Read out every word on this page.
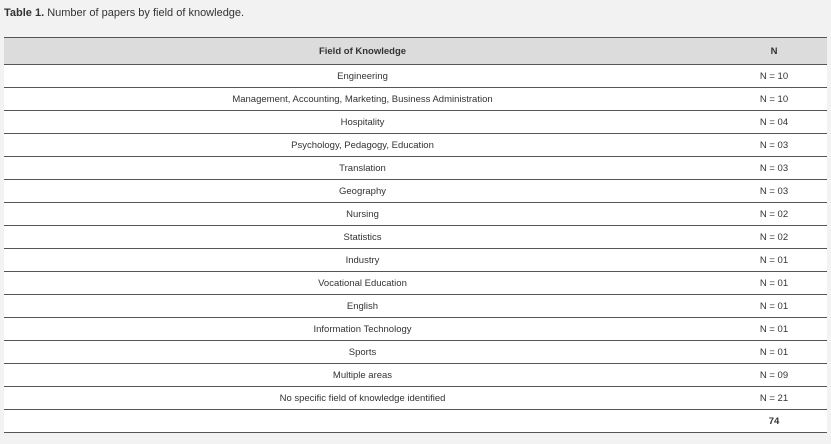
Table 1. Number of papers by field of knowledge.
Field of Knowledge	N
Engineering	N = 10
Management, Accounting, Marketing, Business Administration	N = 10
Hospitality	N = 04
Psychology, Pedagogy, Education	N = 03
Translation	N = 03
Geography	N = 03
Nursing	N = 02
Statistics	N = 02
Industry	N = 01
Vocational Education	N = 01
English	N = 01
Information Technology	N = 01
Sports	N = 01
Multiple areas	N = 09
No specific field of knowledge identified	N = 21
	74
